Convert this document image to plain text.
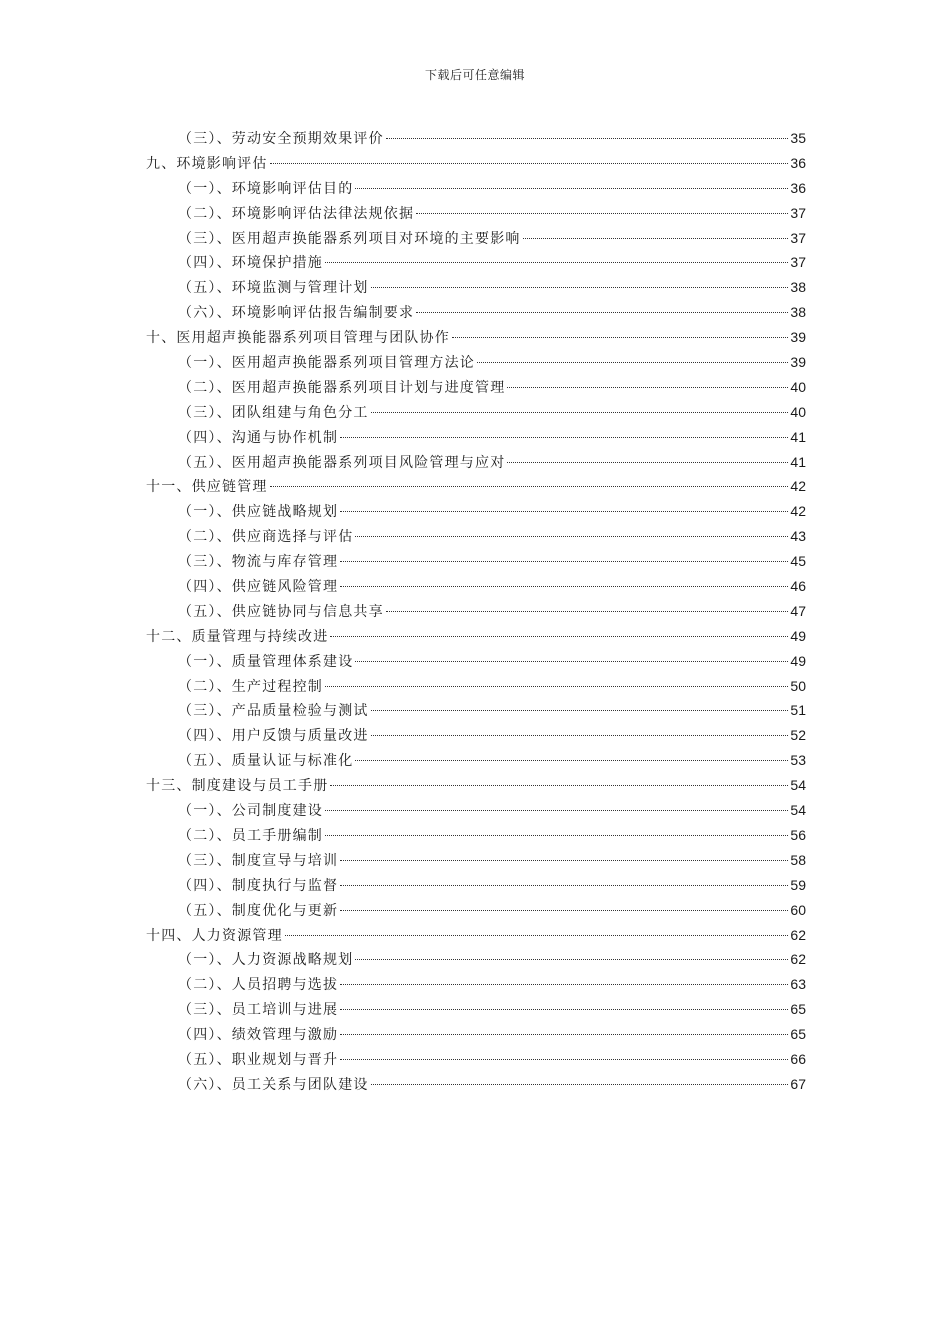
下载后可任意编辑
（三）、劳动安全预期效果评价	35
九、环境影响评估	36
（一）、环境影响评估目的	36
（二）、环境影响评估法律法规依据	37
（三）、医用超声换能器系列项目对环境的主要影响	37
（四）、环境保护措施	37
（五）、环境监测与管理计划	38
（六）、环境影响评估报告编制要求	38
十、医用超声换能器系列项目管理与团队协作	39
（一）、医用超声换能器系列项目管理方法论	39
（二）、医用超声换能器系列项目计划与进度管理	40
（三）、团队组建与角色分工	40
（四）、沟通与协作机制	41
（五）、医用超声换能器系列项目风险管理与应对	41
十一、供应链管理	42
（一）、供应链战略规划	42
（二）、供应商选择与评估	43
（三）、物流与库存管理	45
（四）、供应链风险管理	46
（五）、供应链协同与信息共享	47
十二、质量管理与持续改进	49
（一）、质量管理体系建设	49
（二）、生产过程控制	50
（三）、产品质量检验与测试	51
（四）、用户反馈与质量改进	52
（五）、质量认证与标准化	53
十三、制度建设与员工手册	54
（一）、公司制度建设	54
（二）、员工手册编制	56
（三）、制度宣导与培训	58
（四）、制度执行与监督	59
（五）、制度优化与更新	60
十四、人力资源管理	62
（一）、人力资源战略规划	62
（二）、人员招聘与选拔	63
（三）、员工培训与进展	65
（四）、绩效管理与激励	65
（五）、职业规划与晋升	66
（六）、员工关系与团队建设	67
